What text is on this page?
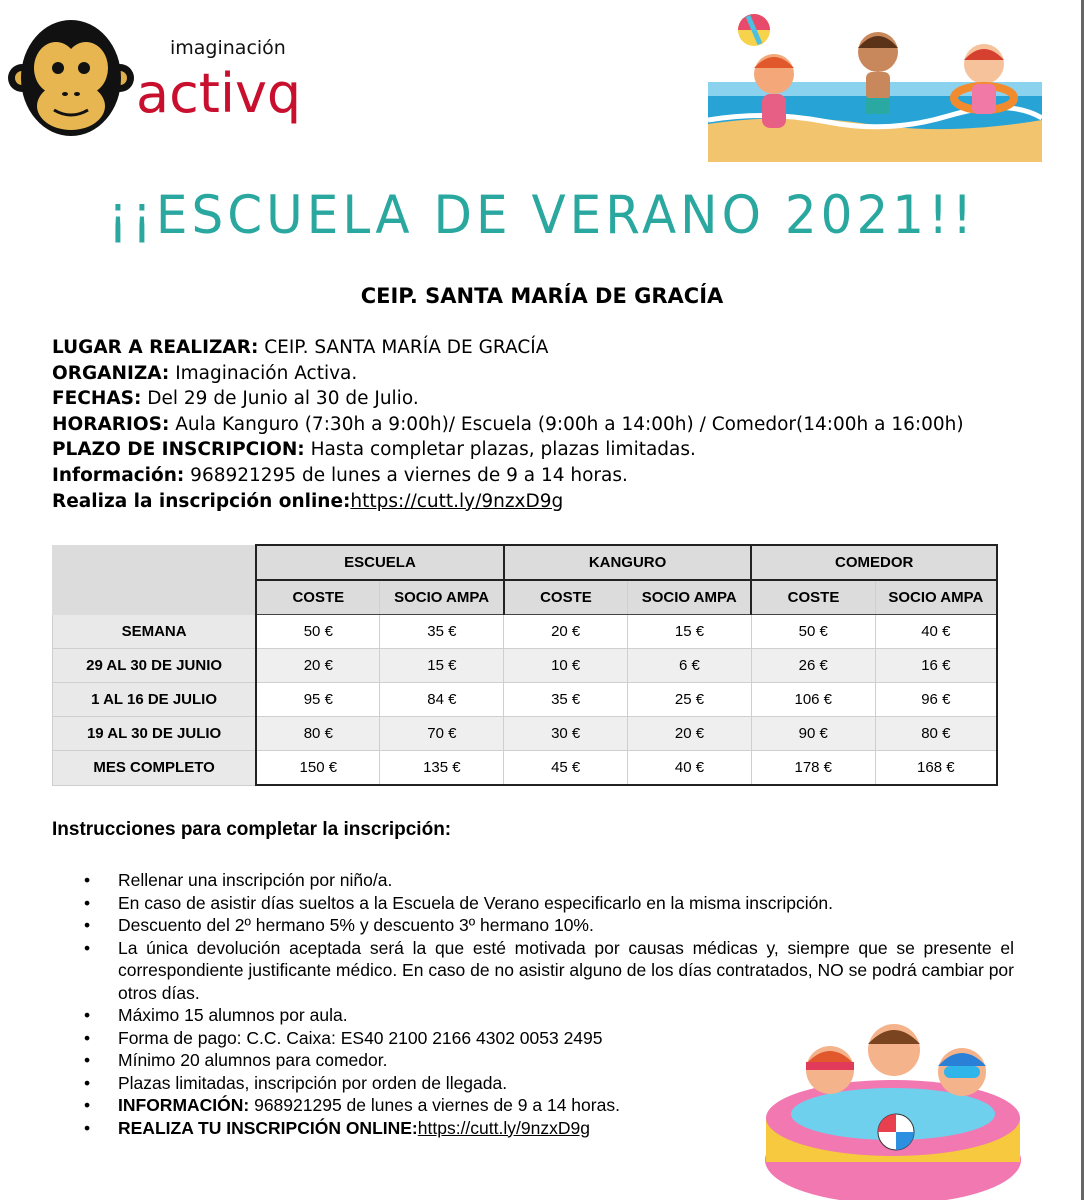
imaginación
activq
¡¡ESCUELA DE VERANO 2021!!
CEIP. SANTA MARÍA DE GRACÍA
LUGAR A REALIZAR: CEIP. SANTA MARÍA DE GRACÍA
ORGANIZA: Imaginación Activa.
FECHAS: Del 29 de Junio al 30 de Julio.
HORARIOS: Aula Kanguro (7:30h a 9:00h)/ Escuela (9:00h a 14:00h) / Comedor(14:00h a 16:00h)
PLAZO DE INSCRIPCION: Hasta completar plazas, plazas limitadas.
Información: 968921295 de lunes a viernes de 9 a 14 horas.
Realiza la inscripción online:https://cutt.ly/9nzxD9g
	ESCUELA		KANGURO		COMEDOR	
	COSTE	SOCIO AMPA	COSTE	SOCIO AMPA	COSTE	SOCIO AMPA
SEMANA	50 €	35 €	20 €	15 €	50 €	40 €
29 AL 30 DE JUNIO	20 €	15 €	10 €	6 €	26 €	16 €
1 AL 16 DE JULIO	95 €	84 €	35 €	25 €	106 €	96 €
19 AL 30 DE JULIO	80 €	70 €	30 €	20 €	90 €	80 €
MES COMPLETO	150 €	135 €	45 €	40 €	178 €	168 €
Instrucciones para completar la inscripción:
• Rellenar una inscripción por niño/a.
• En caso de asistir días sueltos a la Escuela de Verano especificarlo en la misma inscripción.
• Descuento del 2º hermano 5% y descuento 3º hermano 10%.
• La única devolución aceptada será la que esté motivada por causas médicas y, siempre que se presente el correspondiente justificante médico. En caso de no asistir alguno de los días contratados, NO se podrá cambiar por otros días.
• Máximo 15 alumnos por aula.
• Forma de pago: C.C. Caixa: ES40 2100 2166 4302 0053 2495
• Mínimo 20 alumnos para comedor.
• Plazas limitadas, inscripción por orden de llegada.
• INFORMACIÓN: 968921295 de lunes a viernes de 9 a 14 horas.
• REALIZA TU INSCRIPCIÓN ONLINE:https://cutt.ly/9nzxD9g
